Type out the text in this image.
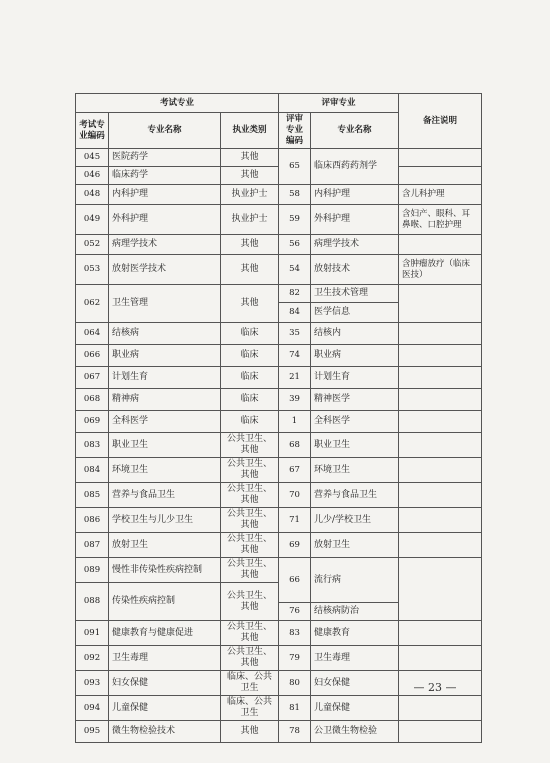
考试专业			评审专业		备注说明
考试专业编码	专业名称	执业类别	评审专业编码	专业名称	
045	医院药学	其他	65	临床西药药剂学	
046	临床药学	其他			
048	内科护理	执业护士	58	内科护理	含儿科护理
049	外科护理	执业护士	59	外科护理	含妇产、眼科、耳鼻喉、口腔护理
052	病理学技术	其他	56	病理学技术	
053	放射医学技术	其他	54	放射技术	含肿瘤放疗（临床医技）
062	卫生管理	其他	82	卫生技术管理	
			84	医学信息	
064	结核病	临床	35	结核内	
066	职业病	临床	74	职业病	
067	计划生育	临床	21	计划生育	
068	精神病	临床	39	精神医学	
069	全科医学	临床	1	全科医学	
083	职业卫生	公共卫生、其他	68	职业卫生	
084	环境卫生	公共卫生、其他	67	环境卫生	
085	营养与食品卫生	公共卫生、其他	70	营养与食品卫生	
086	学校卫生与儿少卫生	公共卫生、其他	71	儿少/学校卫生	
087	放射卫生	公共卫生、其他	69	放射卫生	
089	慢性非传染性疾病控制	公共卫生、其他	66	流行病	
088	传染性疾病控制	公共卫生、其他			
			76	结核病防治	
091	健康教育与健康促进	公共卫生、其他	83	健康教育	
092	卫生毒理	公共卫生、其他	79	卫生毒理	
093	妇女保健	临床、公共卫生	80	妇女保健	
094	儿童保健	临床、公共卫生	81	儿童保健	
095	微生物检验技术	其他	78	公卫微生物检验	
— 23 —
